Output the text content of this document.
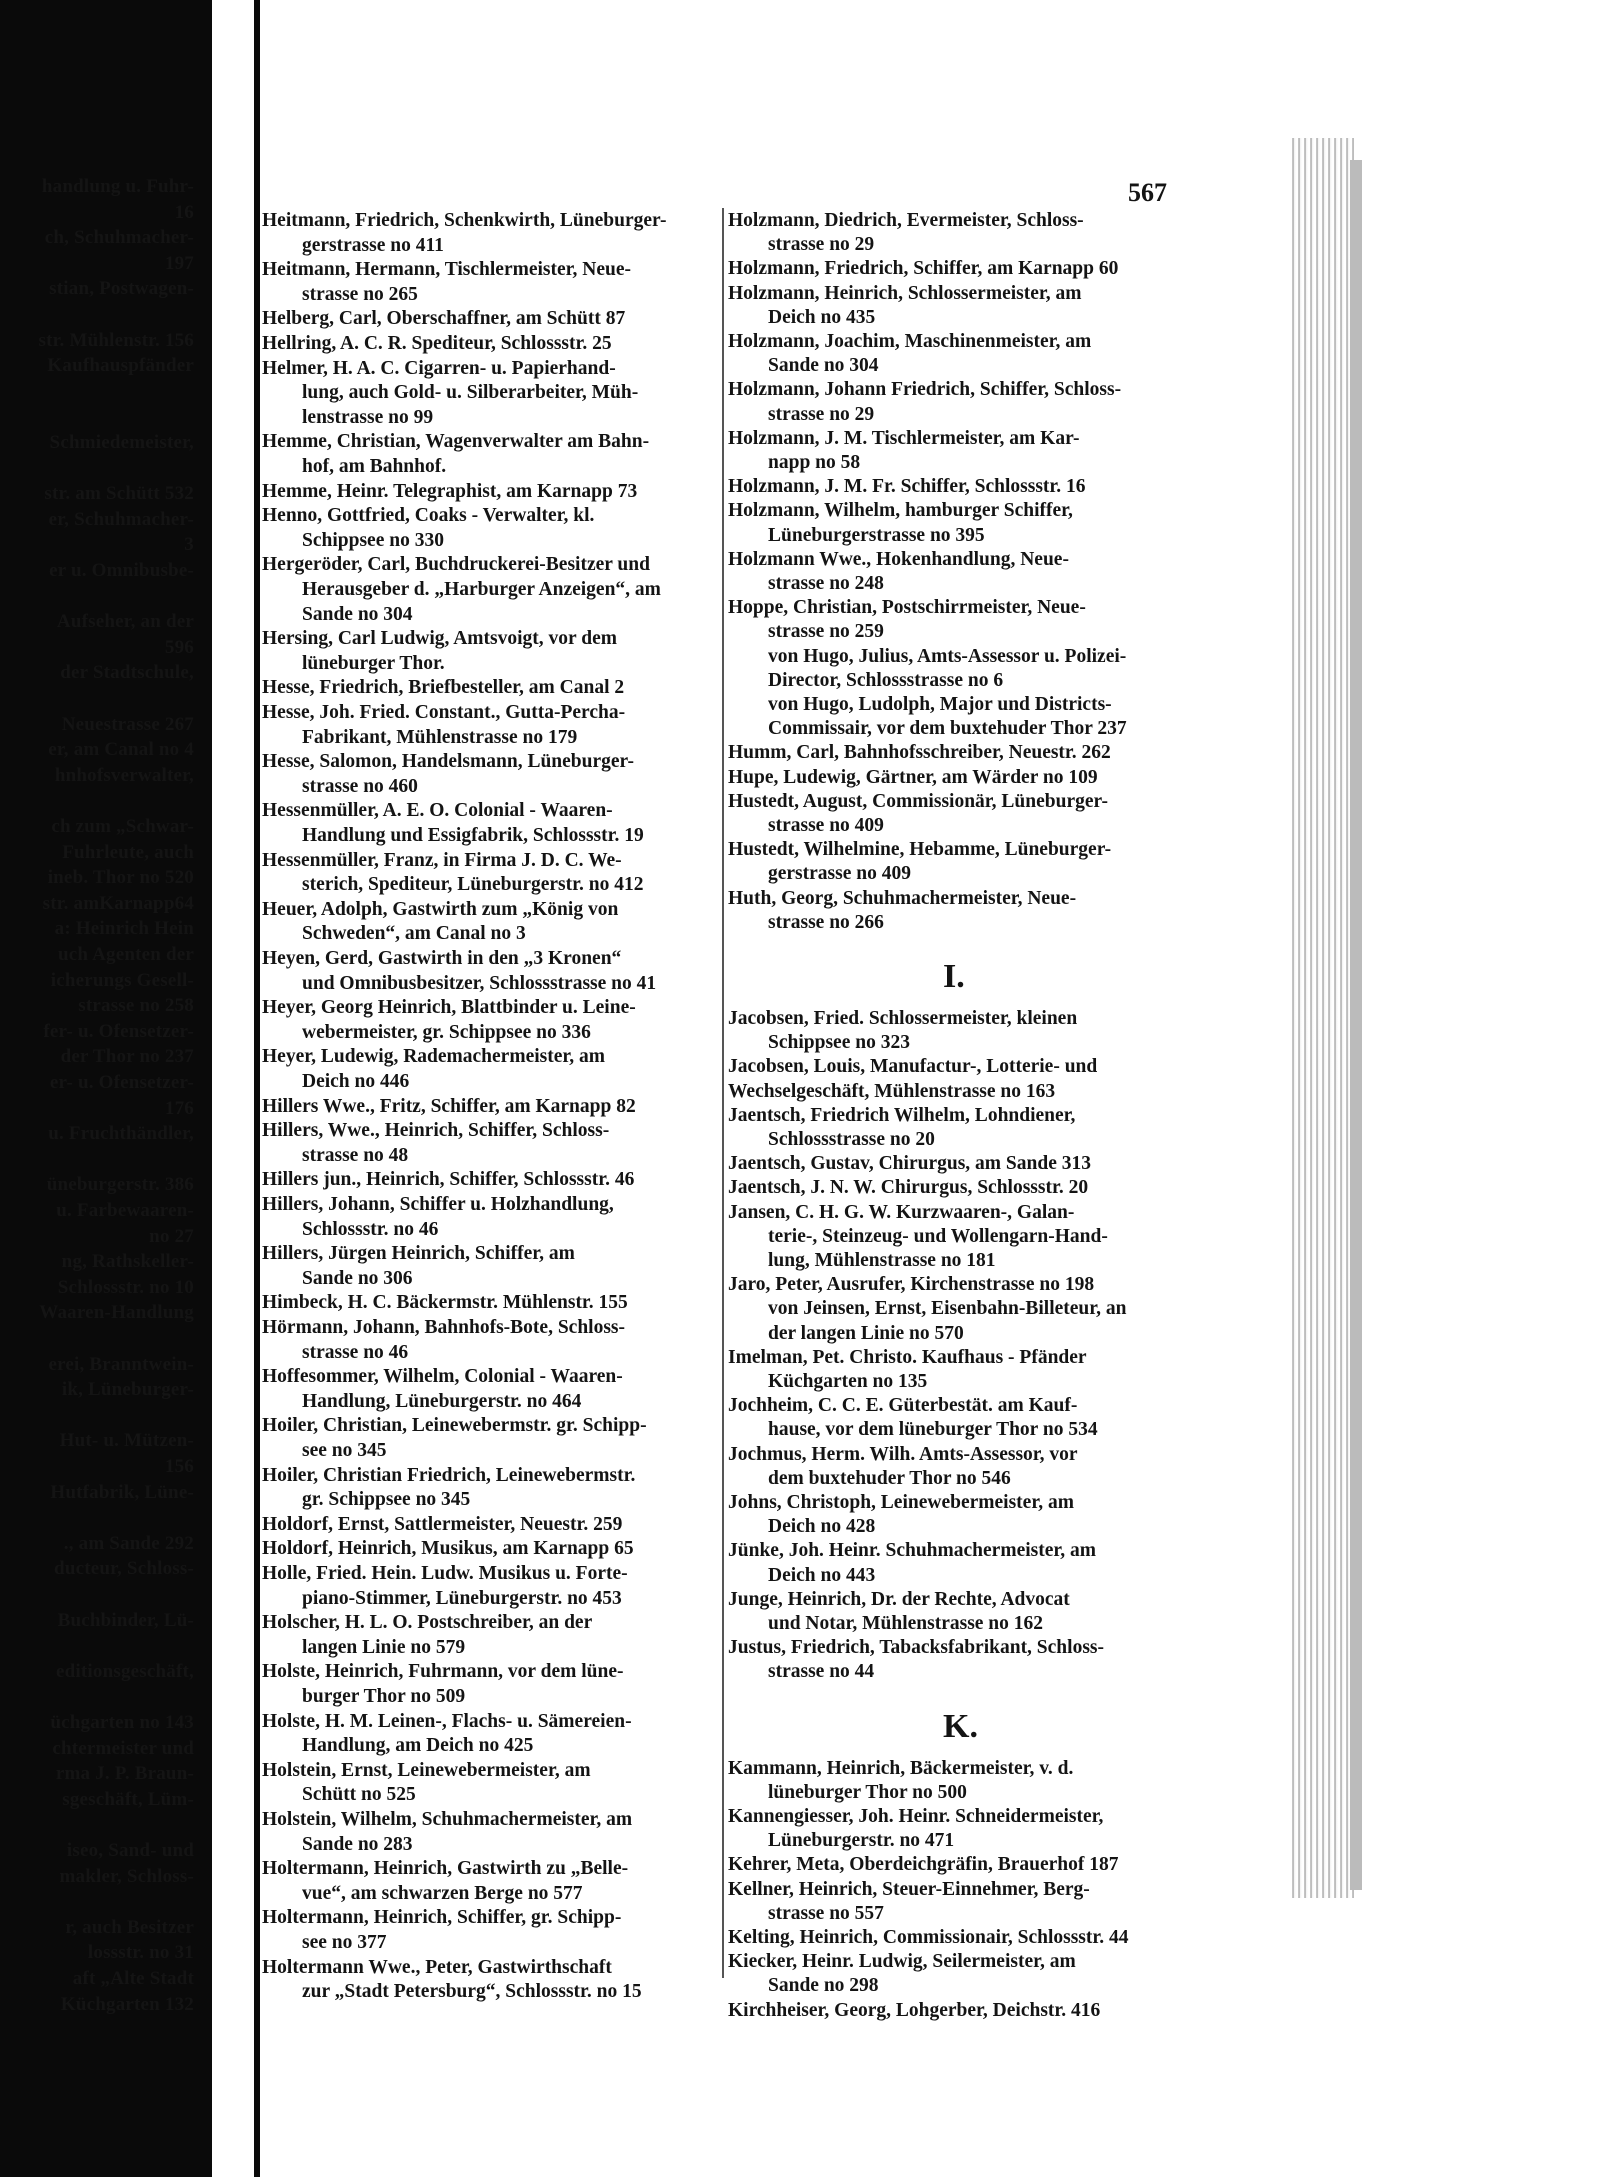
handlung u. Fuhr-
16
ch, Schuhmacher-
197
stian, Postwagen-
str. Mühlenstr. 156
Kaufhauspfänder
Schmiedemeister,
str. am Schütt 532
er, Schuhmacher-
3
er u. Omnibusbe-
Aufseher, an der
596
der Stadtschule,
Neuestrasse 267
er, am Canal no 4
hnhofsverwalter,
ch zum „Schwar-
Fuhrleute, auch
ineb. Thor no 520
str. amKarnapp64
a: Heinrich Hein
uch Agenten der
icherungs Gesell-
strasse no 258
fer- u. Ofensetzer-
der Thor no 237
er- u. Ofensetzer-
176
u. Fruchthändler,
üneburgerstr. 386
u. Farbewaaren-
no 27
ng, Rathskeller-
Schlossstr. no 10
Waaren-Handlung
erei, Branntwein-
ik, Lüneburger-
Hut- u. Mützen-
156
Hutfabrik, Lüne-
., am Sande 292
ducteur, Schloss-
Buchbinder, Lü-
editionsgeschäft,
üchgarten no 143
chtermeister und
rma J. P. Braun-
sgeschäft, Lüm-
iseo, Sand- und
makler, Schloss-
r, auch Besitzer
lossstr. no 31
aft „Alte Stadt
Küchgarten 132
567
Heitmann, Friedrich, Schenkwirth, Lüneburger-
gerstrasse no 411
Heitmann, Hermann, Tischlermeister, Neue-
strasse no 265
Helberg, Carl, Oberschaffner, am Schütt 87
Hellring, A. C. R. Spediteur, Schlossstr. 25
Helmer, H. A. C. Cigarren- u. Papierhand-
lung, auch Gold- u. Silberarbeiter, Müh-
lenstrasse no 99
Hemme, Christian, Wagenverwalter am Bahn-
hof, am Bahnhof.
Hemme, Heinr. Telegraphist, am Karnapp 73
Henno, Gottfried, Coaks - Verwalter, kl.
Schippsee no 330
Hergeröder, Carl, Buchdruckerei-Besitzer und
Herausgeber d. „Harburger Anzeigen“, am
Sande no 304
Hersing, Carl Ludwig, Amtsvoigt, vor dem
lüneburger Thor.
Hesse, Friedrich, Briefbesteller, am Canal 2
Hesse, Joh. Fried. Constant., Gutta-Percha-
Fabrikant, Mühlenstrasse no 179
Hesse, Salomon, Handelsmann, Lüneburger-
strasse no 460
Hessenmüller, A. E. O. Colonial - Waaren-
Handlung und Essigfabrik, Schlossstr. 19
Hessenmüller, Franz, in Firma J. D. C. We-
sterich, Spediteur, Lüneburgerstr. no 412
Heuer, Adolph, Gastwirth zum „König von
Schweden“, am Canal no 3
Heyen, Gerd, Gastwirth in den „3 Kronen“
und Omnibusbesitzer, Schlossstrasse no 41
Heyer, Georg Heinrich, Blattbinder u. Leine-
webermeister, gr. Schippsee no 336
Heyer, Ludewig, Rademachermeister, am
Deich no 446
Hillers Wwe., Fritz, Schiffer, am Karnapp 82
Hillers, Wwe., Heinrich, Schiffer, Schloss-
strasse no 48
Hillers jun., Heinrich, Schiffer, Schlossstr. 46
Hillers, Johann, Schiffer u. Holzhandlung,
Schlossstr. no 46
Hillers, Jürgen Heinrich, Schiffer, am
Sande no 306
Himbeck, H. C. Bäckermstr. Mühlenstr. 155
Hörmann, Johann, Bahnhofs-Bote, Schloss-
strasse no 46
Hoffesommer, Wilhelm, Colonial - Waaren-
Handlung, Lüneburgerstr. no 464
Hoiler, Christian, Leinewebermstr. gr. Schipp-
see no 345
Hoiler, Christian Friedrich, Leinewebermstr.
gr. Schippsee no 345
Holdorf, Ernst, Sattlermeister, Neuestr. 259
Holdorf, Heinrich, Musikus, am Karnapp 65
Holle, Fried. Hein. Ludw. Musikus u. Forte-
piano-Stimmer, Lüneburgerstr. no 453
Holscher, H. L. O. Postschreiber, an der
langen Linie no 579
Holste, Heinrich, Fuhrmann, vor dem lüne-
burger Thor no 509
Holste, H. M. Leinen-, Flachs- u. Sämereien-
Handlung, am Deich no 425
Holstein, Ernst, Leinewebermeister, am
Schütt no 525
Holstein, Wilhelm, Schuhmachermeister, am
Sande no 283
Holtermann, Heinrich, Gastwirth zu „Belle-
vue“, am schwarzen Berge no 577
Holtermann, Heinrich, Schiffer, gr. Schipp-
see no 377
Holtermann Wwe., Peter, Gastwirthschaft
zur „Stadt Petersburg“, Schlossstr. no 15
Holzmann, Diedrich, Evermeister, Schloss-
strasse no 29
Holzmann, Friedrich, Schiffer, am Karnapp 60
Holzmann, Heinrich, Schlossermeister, am
Deich no 435
Holzmann, Joachim, Maschinenmeister, am
Sande no 304
Holzmann, Johann Friedrich, Schiffer, Schloss-
strasse no 29
Holzmann, J. M. Tischlermeister, am Kar-
napp no 58
Holzmann, J. M. Fr. Schiffer, Schlossstr. 16
Holzmann, Wilhelm, hamburger Schiffer,
Lüneburgerstrasse no 395
Holzmann Wwe., Hokenhandlung, Neue-
strasse no 248
Hoppe, Christian, Postschirrmeister, Neue-
strasse no 259
von Hugo, Julius, Amts-Assessor u. Polizei-
Director, Schlossstrasse no 6
von Hugo, Ludolph, Major und Districts-
Commissair, vor dem buxtehuder Thor 237
Humm, Carl, Bahnhofsschreiber, Neuestr. 262
Hupe, Ludewig, Gärtner, am Wärder no 109
Hustedt, August, Commissionär, Lüneburger-
strasse no 409
Hustedt, Wilhelmine, Hebamme, Lüneburger-
gerstrasse no 409
Huth, Georg, Schuhmachermeister, Neue-
strasse no 266
I.
Jacobsen, Fried. Schlossermeister, kleinen
Schippsee no 323
Jacobsen, Louis, Manufactur-, Lotterie- und
Wechselgeschäft, Mühlenstrasse no 163
Jaentsch, Friedrich Wilhelm, Lohndiener,
Schlossstrasse no 20
Jaentsch, Gustav, Chirurgus, am Sande 313
Jaentsch, J. N. W. Chirurgus, Schlossstr. 20
Jansen, C. H. G. W. Kurzwaaren-, Galan-
terie-, Steinzeug- und Wollengarn-Hand-
lung, Mühlenstrasse no 181
Jaro, Peter, Ausrufer, Kirchenstrasse no 198
von Jeinsen, Ernst, Eisenbahn-Billeteur, an
der langen Linie no 570
Imelman, Pet. Christo. Kaufhaus - Pfänder
Küchgarten no 135
Jochheim, C. C. E. Güterbestät. am Kauf-
hause, vor dem lüneburger Thor no 534
Jochmus, Herm. Wilh. Amts-Assessor, vor
dem buxtehuder Thor no 546
Johns, Christoph, Leinewebermeister, am
Deich no 428
Jünke, Joh. Heinr. Schuhmachermeister, am
Deich no 443
Junge, Heinrich, Dr. der Rechte, Advocat
und Notar, Mühlenstrasse no 162
Justus, Friedrich, Tabacksfabrikant, Schloss-
strasse no 44
K.
Kammann, Heinrich, Bäckermeister, v. d.
lüneburger Thor no 500
Kannengiesser, Joh. Heinr. Schneidermeister,
Lüneburgerstr. no 471
Kehrer, Meta, Oberdeichgräfin, Brauerhof 187
Kellner, Heinrich, Steuer-Einnehmer, Berg-
strasse no 557
Kelting, Heinrich, Commissionair, Schlossstr. 44
Kiecker, Heinr. Ludwig, Seilermeister, am
Sande no 298
Kirchheiser, Georg, Lohgerber, Deichstr. 416
